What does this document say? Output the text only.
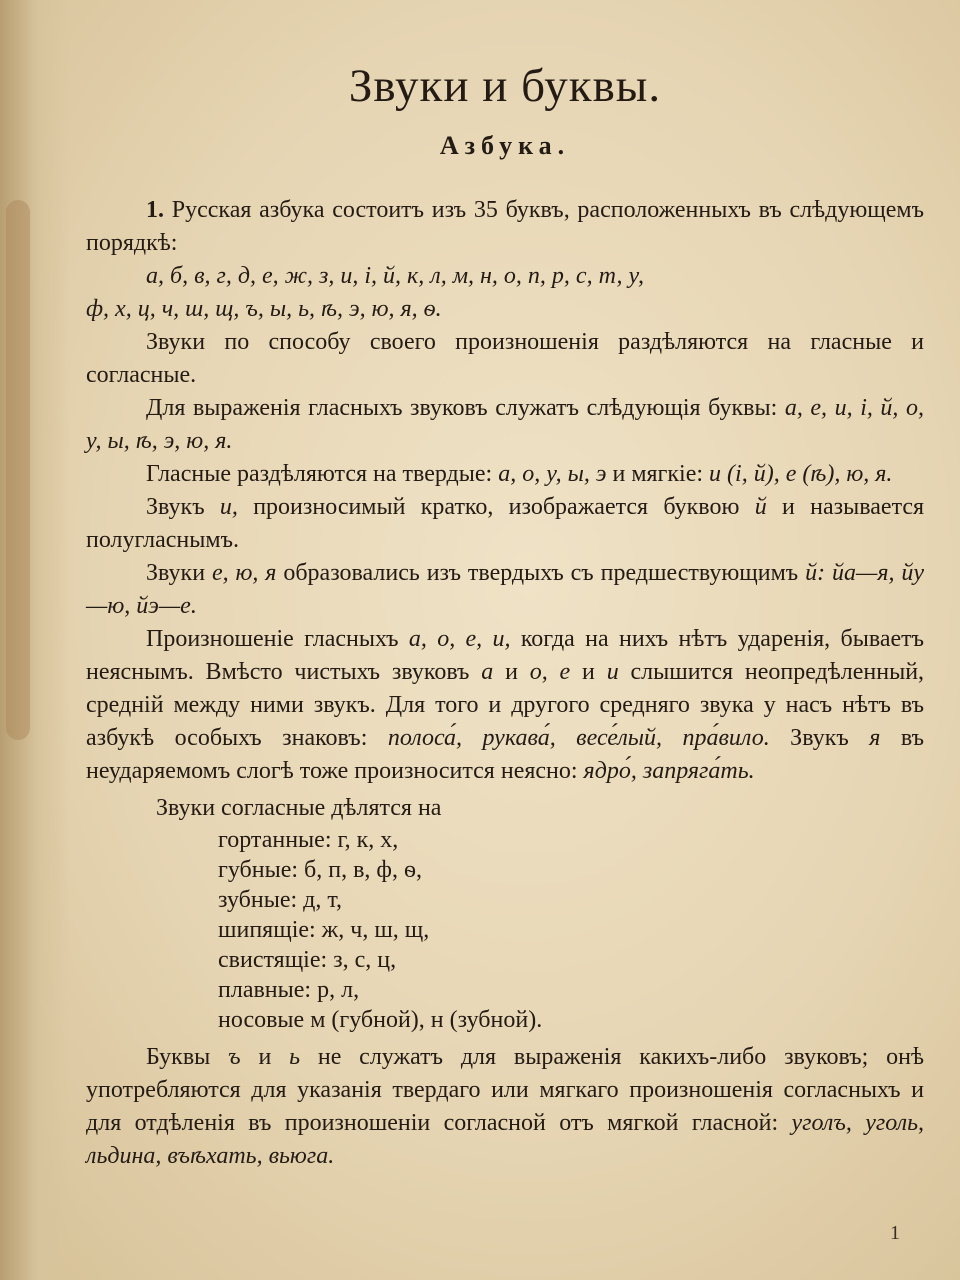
Звуки и буквы.
Азбука.

1. Русская азбука состоитъ изъ 35 буквъ, расположенныхъ въ слѣдующемъ порядкѣ:

а, б, в, г, д, е, ж, з, и, і, й, к, л, м, н, о, п, р, с, т, у,
ф, х, ц, ч, ш, щ, ъ, ы, ь, ѣ, э, ю, я, ѳ.

Звуки по способу своего произношенія раздѣляются на гласные и согласные.

Для выраженія гласныхъ звуковъ служатъ слѣдующія буквы: а, е, и, і, й, о, у, ы, ѣ, э, ю, я.

Гласные раздѣляются на твердые: а, о, у, ы, э и мягкіе: и (і, й), е (ѣ), ю, я.

Звукъ и, произносимый кратко, изображается буквою й и называется полугласнымъ.

Звуки е, ю, я образовались изъ твердыхъ съ предшествующимъ й: йа—я, йу—ю, йэ—е.

Произношеніе гласныхъ а, о, е, и, когда на нихъ нѣтъ ударенія, бываетъ неяснымъ. Вмѣсто чистыхъ звуковъ а и о, е и и слышится неопредѣленный, средній между ними звукъ. Для того и другого средняго звука у насъ нѣтъ въ азбукѣ особыхъ знаковъ: полоса́, рукава́, весе́лый, пра́вило. Звукъ я въ неударяемомъ слогѣ тоже произносится неясно: ядро́, запряга́ть.

Звуки согласные дѣлятся на
гортанные: г, к, х,
губные: б, п, в, ф, ѳ,
зубные: д, т,
шипящіе: ж, ч, ш, щ,
свистящіе: з, с, ц,
плавные: р, л,
носовые м (губной), н (зубной).

Буквы ъ и ь не служатъ для выраженія какихъ-либо звуковъ; онѣ употребляются для указанія твердаго или мягкаго произношенія согласныхъ и для отдѣленія въ произношеніи согласной отъ мягкой гласной: уголъ, уголь, льдина, въѣхать, вьюга.

1
